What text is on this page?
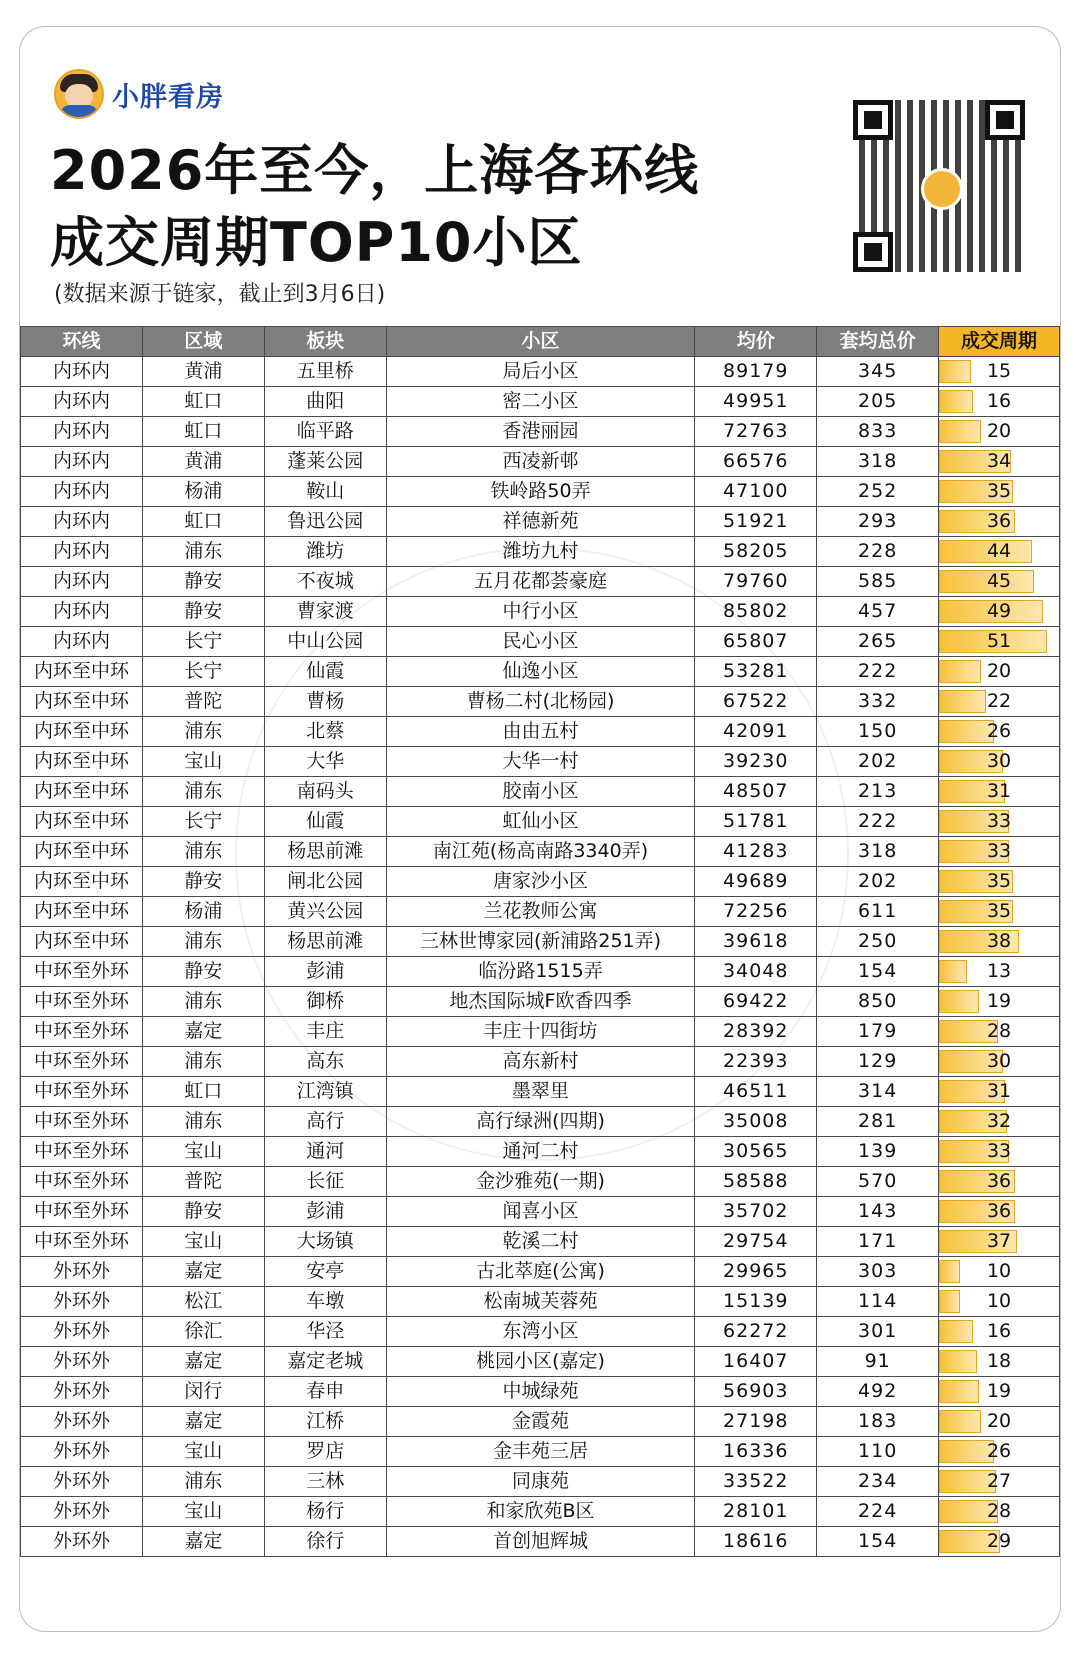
小胖看房
2026年至今，上海各环线
成交周期TOP10小区
(数据来源于链家，截止到3月6日)
环线	区域	板块	小区	均价	套均总价	成交周期
内环内	黄浦	五里桥	局后小区	89179	345	15
内环内	虹口	曲阳	密二小区	49951	205	16
内环内	虹口	临平路	香港丽园	72763	833	20
内环内	黄浦	蓬莱公园	西凌新邨	66576	318	34
内环内	杨浦	鞍山	铁岭路50弄	47100	252	35
内环内	虹口	鲁迅公园	祥德新苑	51921	293	36
内环内	浦东	潍坊	潍坊九村	58205	228	44
内环内	静安	不夜城	五月花都荟豪庭	79760	585	45
内环内	静安	曹家渡	中行小区	85802	457	49
内环内	长宁	中山公园	民心小区	65807	265	51
内环至中环	长宁	仙霞	仙逸小区	53281	222	20
内环至中环	普陀	曹杨	曹杨二村(北杨园)	67522	332	22
内环至中环	浦东	北蔡	由由五村	42091	150	26
内环至中环	宝山	大华	大华一村	39230	202	30
内环至中环	浦东	南码头	胶南小区	48507	213	31
内环至中环	长宁	仙霞	虹仙小区	51781	222	33
内环至中环	浦东	杨思前滩	南江苑(杨高南路3340弄)	41283	318	33
内环至中环	静安	闸北公园	唐家沙小区	49689	202	35
内环至中环	杨浦	黄兴公园	兰花教师公寓	72256	611	35
内环至中环	浦东	杨思前滩	三林世博家园(新浦路251弄)	39618	250	38
中环至外环	静安	彭浦	临汾路1515弄	34048	154	13
中环至外环	浦东	御桥	地杰国际城F欧香四季	69422	850	19
中环至外环	嘉定	丰庄	丰庄十四街坊	28392	179	28
中环至外环	浦东	高东	高东新村	22393	129	30
中环至外环	虹口	江湾镇	墨翠里	46511	314	31
中环至外环	浦东	高行	高行绿洲(四期)	35008	281	32
中环至外环	宝山	通河	通河二村	30565	139	33
中环至外环	普陀	长征	金沙雅苑(一期)	58588	570	36
中环至外环	静安	彭浦	闻喜小区	35702	143	36
中环至外环	宝山	大场镇	乾溪二村	29754	171	37
外环外	嘉定	安亭	古北萃庭(公寓)	29965	303	10
外环外	松江	车墩	松南城芙蓉苑	15139	114	10
外环外	徐汇	华泾	东湾小区	62272	301	16
外环外	嘉定	嘉定老城	桃园小区(嘉定)	16407	91	18
外环外	闵行	春申	中城绿苑	56903	492	19
外环外	嘉定	江桥	金霞苑	27198	183	20
外环外	宝山	罗店	金丰苑三居	16336	110	26
外环外	浦东	三林	同康苑	33522	234	27
外环外	宝山	杨行	和家欣苑B区	28101	224	28
外环外	嘉定	徐行	首创旭辉城	18616	154	29
